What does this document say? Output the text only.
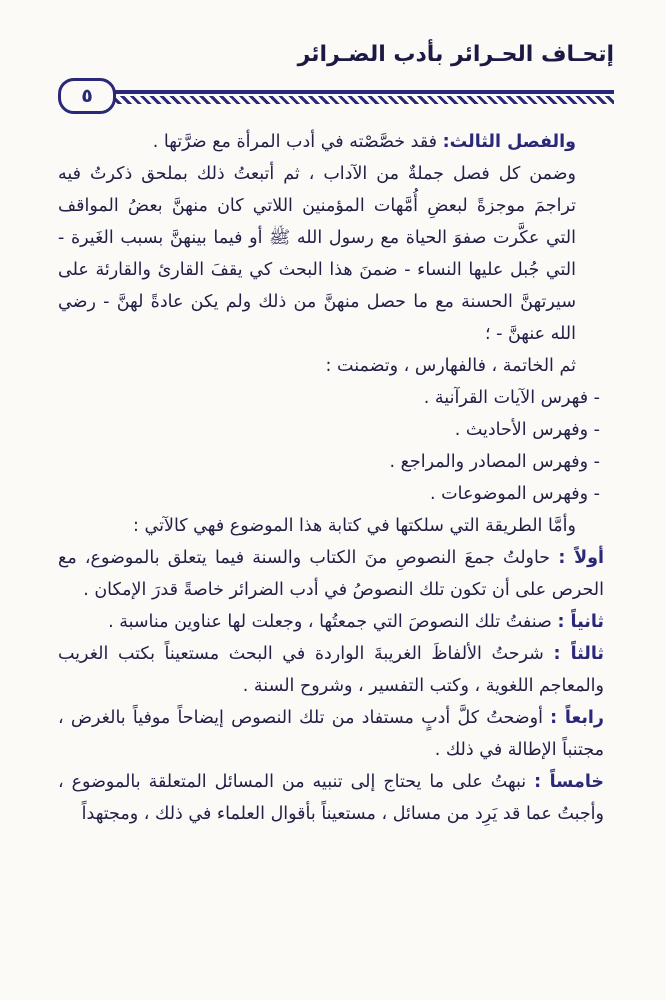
إتحـاف الحـرائر بأدب الضـرائر
٥

والفصل الثالث: فقد خصَّصْته في أدب المرأة مع ضرَّتها .

وضمن كل فصل جملةٌ من الآداب ، ثم أتبعتُ ذلك بملحق ذكرتُ فيه تراجمَ موجزةً لبعضِ أُمَّهات المؤمنين اللاتي كان منهنَّ بعضُ المواقف التي عكَّرت صفوَ الحياة مع رسول الله ﷺ أو فيما بينهنَّ بسبب الغَيرة - التي جُبل عليها النساء - ضمنَ هذا البحث كي يقفَ القارئ والقارئة على سيرتهنَّ الحسنة مع ما حصل منهنَّ من ذلك ولم يكن عادةً لهنَّ - رضي الله عنهنَّ - ؛

ثم الخاتمة ، فالفهارس ، وتضمنت :

- فهرس الآيات القرآنية .

- وفهرس الأحاديث .

- وفهرس المصادر والمراجع .

- وفهرس الموضوعات .

وأمَّا الطريقة التي سلكتها في كتابة هذا الموضوع فهي كالآتي :

أولاً : حاولتُ جمعَ النصوصِ منَ الكتاب والسنة فيما يتعلق بالموضوع، مع الحرص على أن تكون تلك النصوصُ في أدب الضرائر خاصةً قدرَ الإمكان .

ثانياً : صنفتُ تلك النصوصَ التي جمعتُها ، وجعلت لها عناوين مناسبة .

ثالثاً : شرحتُ الألفاظَ الغريبةَ الواردة في البحث مستعيناً بكتب الغريب والمعاجم اللغوية ، وكتب التفسير ، وشروح السنة .

رابعاً : أوضحتُ كلَّ أدبٍ مستفاد من تلك النصوص إيضاحاً موفياً بالغرض ، مجتنباً الإطالة في ذلك .

خامساً : نبهتُ على ما يحتاج إلى تنبيه من المسائل المتعلقة بالموضوع ، وأجبتُ عما قد يَرِد من مسائل ، مستعيناً بأقوال العلماء في ذلك ، ومجتهداً
